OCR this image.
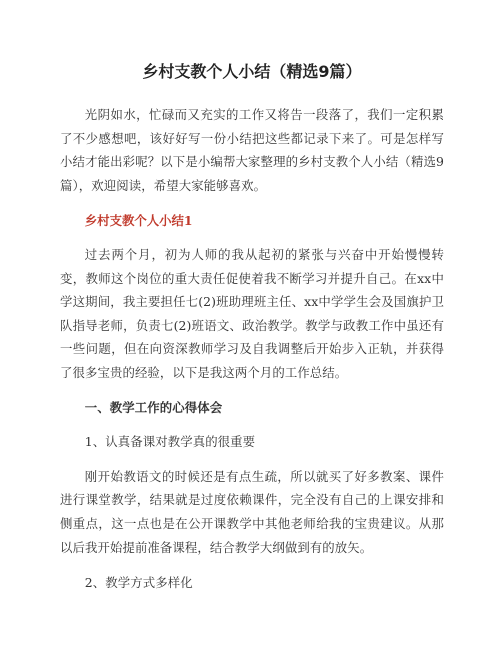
乡村支教个人小结（精选9篇）

光阴如水，忙碌而又充实的工作又将告一段落了，我们一定积累了不少感想吧，该好好写一份小结把这些都记录下来了。可是怎样写小结才能出彩呢？以下是小编帮大家整理的乡村支教个人小结（精选9篇），欢迎阅读，希望大家能够喜欢。

乡村支教个人小结1

过去两个月，初为人师的我从起初的紧张与兴奋中开始慢慢转变，教师这个岗位的重大责任促使着我不断学习并提升自己。在xx中学这期间，我主要担任七(2)班助理班主任、xx中学学生会及国旗护卫队指导老师，负责七(2)班语文、政治教学。教学与政教工作中虽还有一些问题，但在向资深教师学习及自我调整后开始步入正轨，并获得了很多宝贵的经验，以下是我这两个月的工作总结。

一、教学工作的心得体会

1、认真备课对教学真的很重要

刚开始教语文的时候还是有点生疏，所以就买了好多教案、课件进行课堂教学，结果就是过度依赖课件，完全没有自己的上课安排和侧重点，这一点也是在公开课教学中其他老师给我的宝贵建议。从那以后我开始提前准备课程，结合教学大纲做到有的放矢。

2、教学方式多样化
